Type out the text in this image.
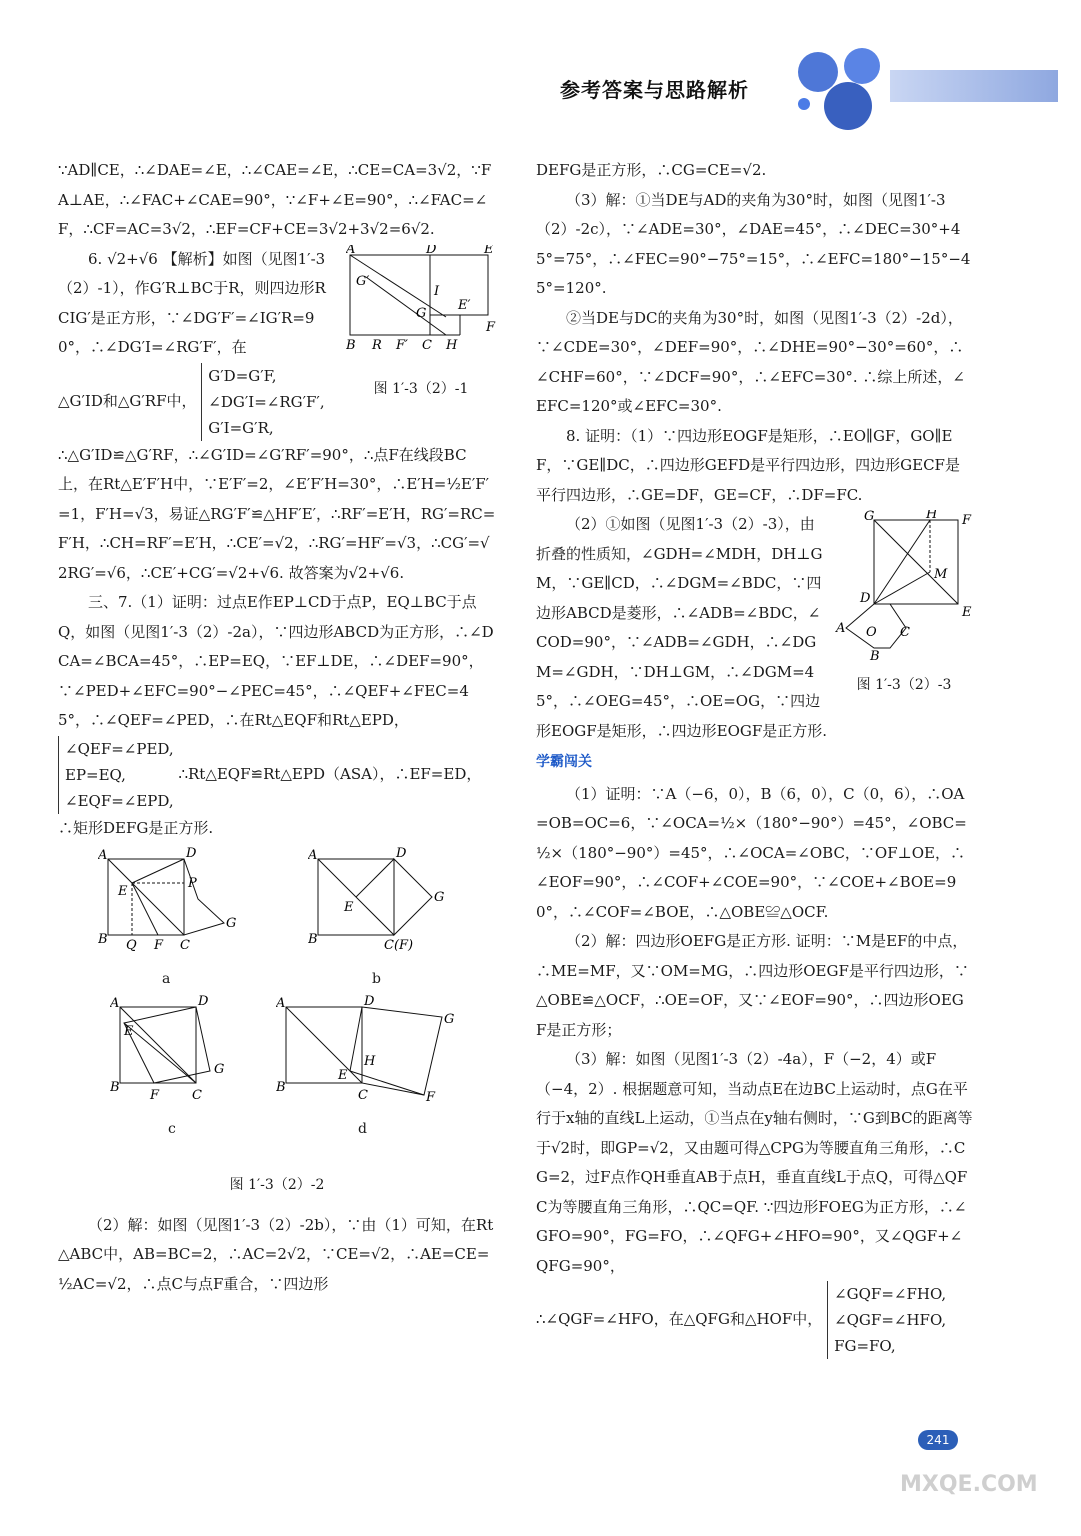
参考答案与思路解析

∵AD∥CE，∴∠DAE=∠E，∴∠CAE=∠E，∴CE=CA=3√2，∵FA⊥AE，∴∠FAC+∠CAE=90°，∵∠F+∠E=90°，∴∠FAC=∠F，∴CF=AC=3√2，∴EF=CF+CE=3√2+3√2=6√2.

A	D	E
B R F′ C H
F
G′
I
G
E′
图 1′-3（2）-1

6. √2+√6 【解析】如图（见图1′-3（2）-1），作G′R⊥BC于R，则四边形RCIG′是正方形，∵∠DG′F′=∠IG′R=90°，∴∠DG′I=∠RG′F′，在

△G′ID和△G′RF中， G′D=G′F,
∠DG′I=∠RG′F′,
G′I=G′R,

∴△G′ID≌△G′RF，∴∠G′ID=∠G′RF′=90°，∴点F在线段BC上，在Rt△E′F′H中，∵E′F′=2，∠E′F′H=30°，∴E′H=½E′F′=1，F′H=√3，易证△RG′F′≌△HF′E′，∴RF′=E′H，RG′=RC=F′H，∴CH=RF′=E′H，∴CE′=√2，∴RG′=HF′=√3，∴CG′=√2RG′=√6，∴CE′+CG′=√2+√6. 故答案为√2+√6.

三、7.（1）证明：过点E作EP⊥CD于点P，EQ⊥BC于点Q，如图（见图1′-3（2）-2a），∵四边形ABCD为正方形，∴∠DCA=∠BCA=45°，∴EP=EQ，∵EF⊥DE，∴∠DEF=90°，∵∠PED+∠EFC=90°−∠PEC=45°，∴∠QEF+∠FEC=45°，∴∠QEF=∠PED，∴在Rt△EQF和Rt△EPD，

∠QEF=∠PED,
EP=EQ,
∠EQF=∠EPD, ∴Rt△EQF≌Rt△EPD（ASA），∴EF=ED，

∴矩形DEFG是正方形.

A	D
B Q F C
E
P
G
a
A	D
B	C(F)
E
G
b
A	D
B
F	C
E
G
c
A	D
B
E
C
H
G
F
d
图 1′-3（2）-2

（2）解：如图（见图1′-3（2）-2b），∵由（1）可知，在Rt△ABC中，AB=BC=2，∴AC=2√2，∵CE=√2，∴AE=CE=½AC=√2，∴点C与点F重合，∵四边形

DEFG是正方形，∴CG=CE=√2.

（3）解：①当DE与AD的夹角为30°时，如图（见图1′-3（2）-2c），∵∠ADE=30°，∠DAE=45°，∴∠DEC=30°+45°=75°，∴∠FEC=90°−75°=15°，∴∠EFC=180°−15°−45°=120°.

②当DE与DC的夹角为30°时，如图（见图1′-3（2）-2d），∵∠CDE=30°，∠DEF=90°，∴∠DHE=90°−30°=60°，∴∠CHF=60°，∵∠DCF=90°，∴∠EFC=30°. ∴综上所述，∠EFC=120°或∠EFC=30°.

8. 证明：（1）∵四边形EOGF是矩形，∴EO∥GF，GO∥EF，∵GE∥DC，∴四边形GEFD是平行四边形，四边形GECF是平行四边形，∴GE=DF，GE=CF，∴DF=FC.

G	H F
D
M
A O C
E
B
图 1′-3（2）-3

（2）①如图（见图1′-3（2）-3），由折叠的性质知，∠GDH=∠MDH，DH⊥GM，∵GE∥CD，∴∠DGM=∠BDC，∵四边形ABCD是菱形，∴∠ADB=∠BDC，∠COD=90°，∵∠ADB=∠GDH，∴∠DGM=∠GDH，∵DH⊥GM，∴∠DGM=45°，∴∠OEG=45°，∴OE=OG，∵四边形EOGF是矩形，∴四边形EOGF是正方形.

学霸闯关

（1）证明：∵A（−6，0），B（6，0），C（0，6），∴OA=OB=OC=6，∵∠OCA=½×（180°−90°）=45°，∠OBC=½×（180°−90°）=45°，∴∠OCA=∠OBC，∵OF⊥OE，∴∠EOF=90°，∴∠COF+∠COE=90°，∵∠COE+∠BOE=90°，∴∠COF=∠BOE，∴△OBE≌△OCF.

（2）解：四边形OEFG是正方形. 证明：∵M是EF的中点，∴ME=MF，又∵OM=MG，∴四边形OEGF是平行四边形，∵△OBE≌△OCF，∴OE=OF，又∵∠EOF=90°，∴四边形OEGF是正方形；

（3）解：如图（见图1′-3（2）-4a），F（−2，4）或F（−4，2）. 根据题意可知，当动点E在边BC上运动时，点G在平行于x轴的直线L上运动，①当点在y轴右侧时，∵G到BC的距离等于√2时，即GP=√2，又由题可得△CPG为等腰直角三角形，∴CG=2，过F点作QH垂直AB于点H，垂直直线L于点Q，可得△QFC为等腰直角三角形，∴QC=QF. ∵四边形FOEG为正方形，∴∠GFO=90°，FG=FO，∴∠QFG+∠HFO=90°，又∠QGF+∠QFG=90°，

∴∠QGF=∠HFO，在△QFG和△HOF中， ∠GQF=∠FHO,
∠QGF=∠HFO,
FG=FO,

241
MXQE.COM
